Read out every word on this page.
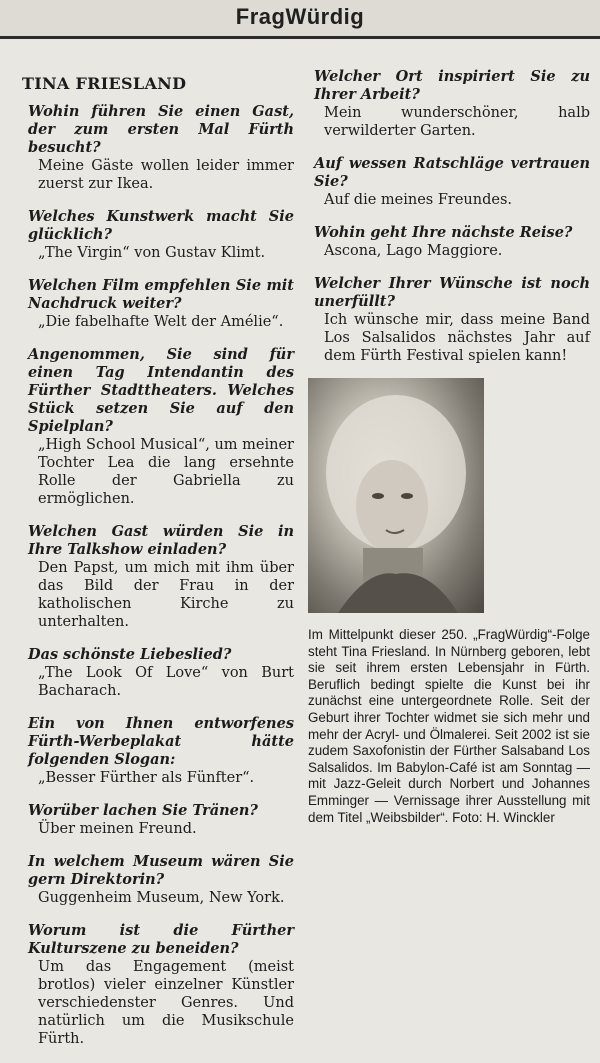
FragWürdig
TINA FRIESLAND
Wohin führen Sie einen Gast, der zum ersten Mal Fürth besucht?
Meine Gäste wollen leider immer zuerst zur Ikea.
Welches Kunstwerk macht Sie glücklich?
„The Virgin“ von Gustav Klimt.
Welchen Film empfehlen Sie mit Nachdruck weiter?
„Die fabelhafte Welt der Amélie“.
Angenommen, Sie sind für einen Tag Intendantin des Fürther Stadttheaters. Welches Stück setzen Sie auf den Spielplan?
„High School Musical“, um meiner Tochter Lea die lang ersehnte Rolle der Gabriella zu ermöglichen.
Welchen Gast würden Sie in Ihre Talkshow einladen?
Den Papst, um mich mit ihm über das Bild der Frau in der katholischen Kirche zu unterhalten.
Das schönste Liebeslied?
„The Look Of Love“ von Burt Bacharach.
Ein von Ihnen entworfenes Fürth-Werbeplakat hätte folgenden Slogan:
„Besser Fürther als Fünfter“.
Worüber lachen Sie Tränen?
Über meinen Freund.
In welchem Museum wären Sie gern Direktorin?
Guggenheim Museum, New York.
Worum ist die Fürther Kulturszene zu beneiden?
Um das Engagement (meist brotlos) vieler einzelner Künstler verschiedenster Genres. Und natürlich um die Musikschule Fürth.
Welcher Ort inspiriert Sie zu Ihrer Arbeit?
Mein wunderschöner, halb verwilderter Garten.
Auf wessen Ratschläge vertrauen Sie?
Auf die meines Freundes.
Wohin geht Ihre nächste Reise?
Ascona, Lago Maggiore.
Welcher Ihrer Wünsche ist noch unerfüllt?
Ich wünsche mir, dass meine Band Los Salsalidos nächstes Jahr auf dem Fürth Festival spielen kann!
Im Mittelpunkt dieser 250. „FragWürdig“-Folge steht Tina Friesland. In Nürnberg geboren, lebt sie seit ihrem ersten Lebensjahr in Fürth. Beruflich bedingt spielte die Kunst bei ihr zunächst eine untergeordnete Rolle. Seit der Geburt ihrer Tochter widmet sie sich mehr und mehr der Acryl- und Ölmalerei. Seit 2002 ist sie zudem Saxofonistin der Fürther Salsaband Los Salsalidos. Im Babylon-Café ist am Sonntag — mit Jazz-Geleit durch Norbert und Johannes Emminger — Vernissage ihrer Ausstellung mit dem Titel „Weibsbilder“. Foto: H. Winckler
